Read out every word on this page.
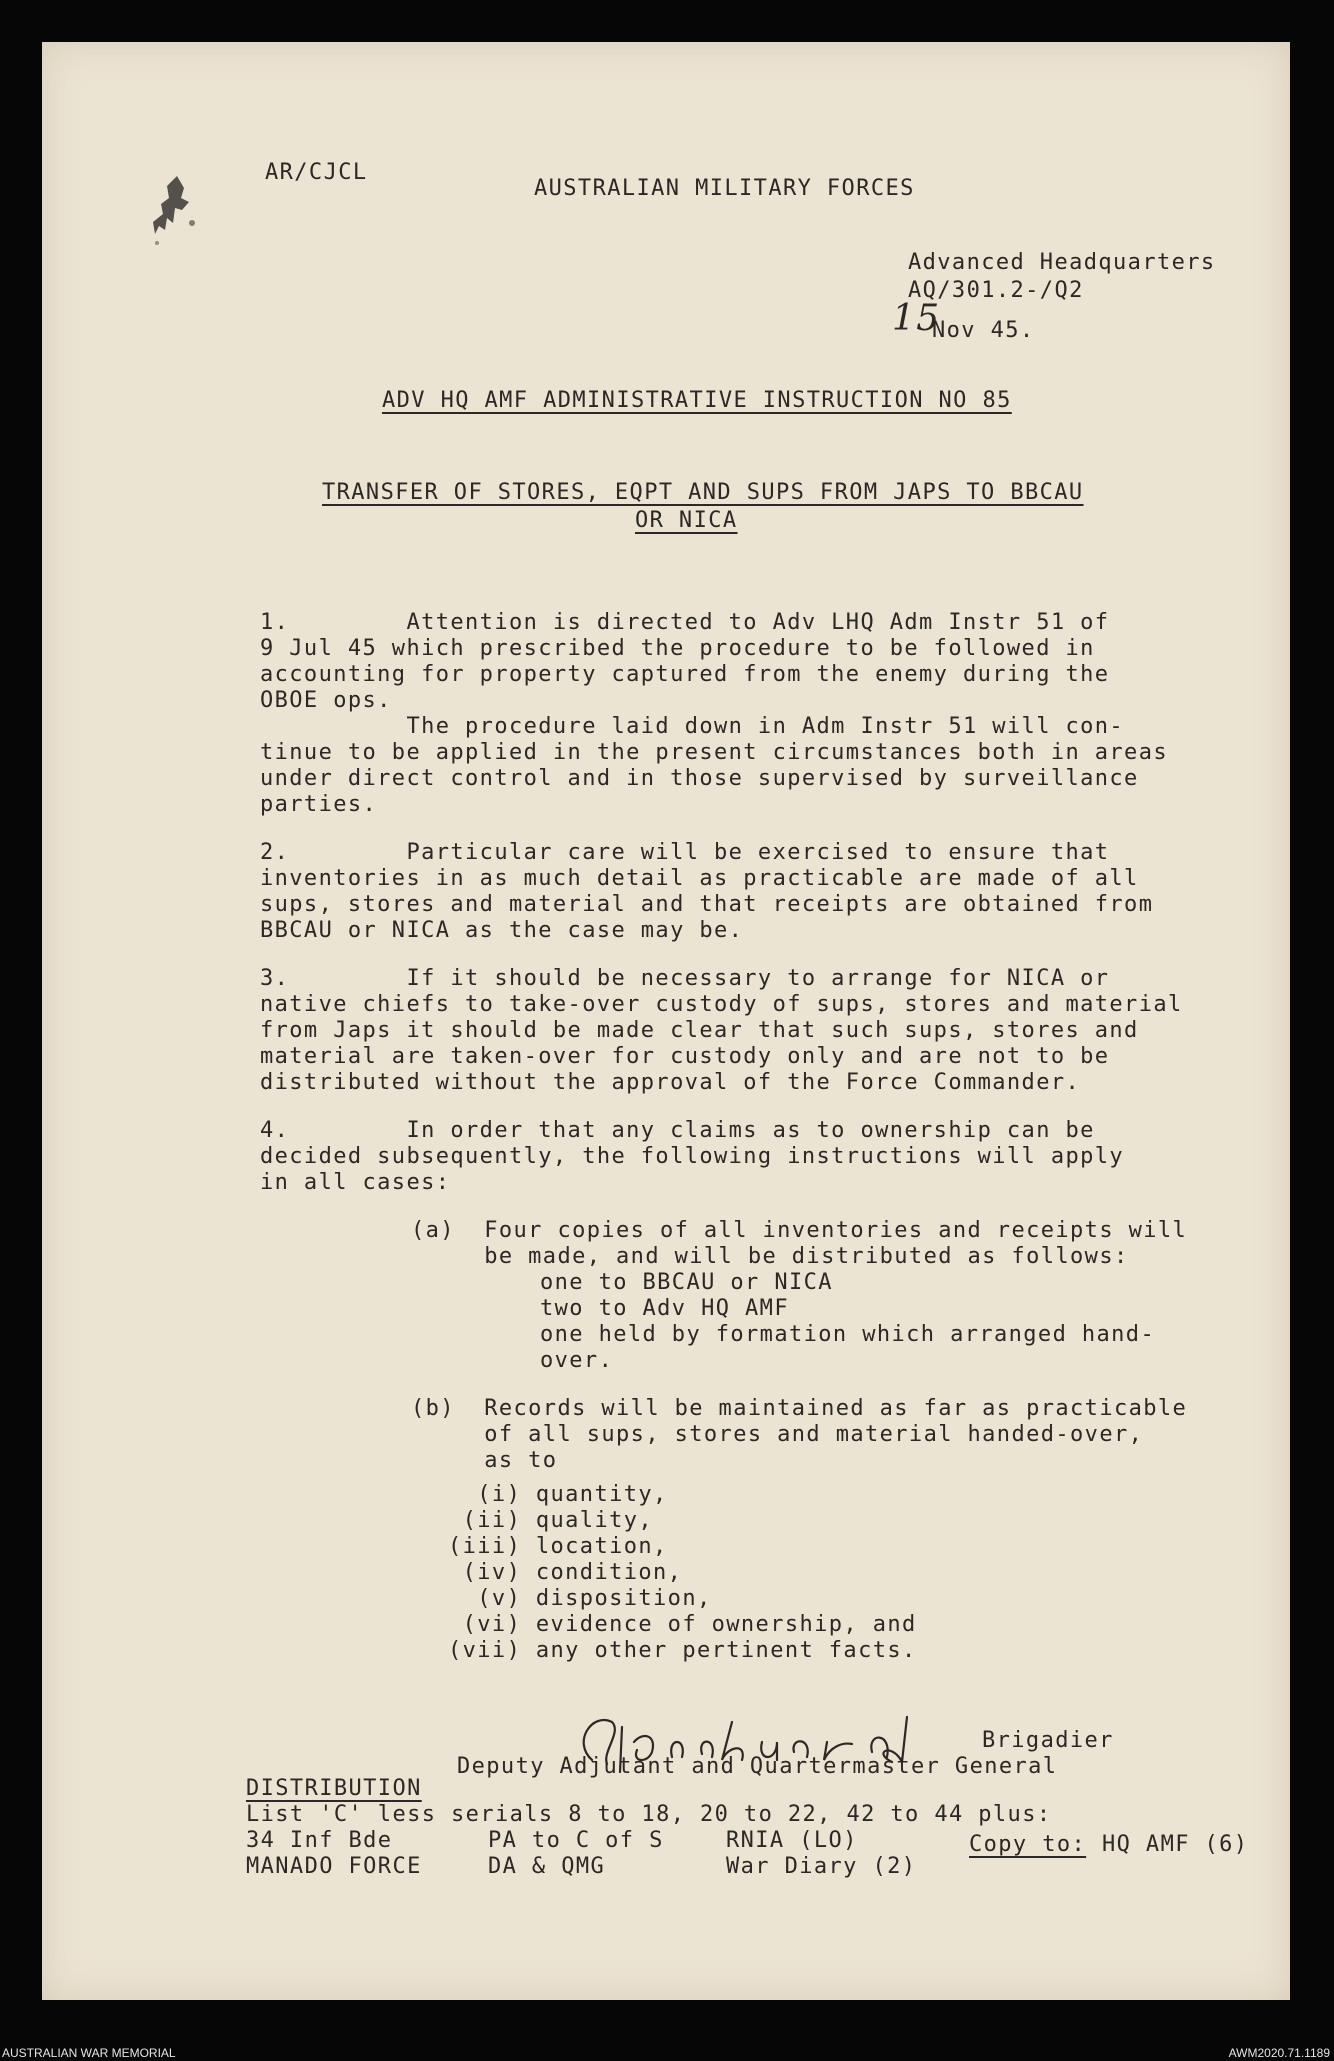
AR/CJCL
AUSTRALIAN MILITARY FORCES
Advanced Headquarters
AQ/301.2-/Q2
15
Nov 45.
ADV HQ AMF ADMINISTRATIVE INSTRUCTION NO 85
TRANSFER OF STORES, EQPT AND SUPS FROM JAPS TO BBCAU
OR NICA
1.        Attention is directed to Adv LHQ Adm Instr 51 of
9 Jul 45 which prescribed the procedure to be followed in
accounting for property captured from the enemy during the
OBOE ops.
The procedure laid down in Adm Instr 51 will con-
tinue to be applied in the present circumstances both in areas
under direct control and in those supervised by surveillance
parties.
2.        Particular care will be exercised to ensure that
inventories in as much detail as practicable are made of all
sups, stores and material and that receipts are obtained from
BBCAU or NICA as the case may be.
3.        If it should be necessary to arrange for NICA or
native chiefs to take-over custody of sups, stores and material
from Japs it should be made clear that such sups, stores and
material are taken-over for custody only and are not to be
distributed without the approval of the Force Commander.
4.        In order that any claims as to ownership can be
decided subsequently, the following instructions will apply
in all cases:
(a)  Four copies of all inventories and receipts will
be made, and will be distributed as follows:
one to BBCAU or NICA
two to Adv HQ AMF
one held by formation which arranged hand-
over.
(b)  Records will be maintained as far as practicable
of all sups, stores and material handed-over,
as to
(i) quantity,
(ii) quality,
(iii) location,
(iv) condition,
(v) disposition,
(vi) evidence of ownership, and
(vii) any other pertinent facts.
Brigadier
Deputy Adjutant and Quartermaster General
DISTRIBUTION
List 'C' less serials 8 to 18, 20 to 22, 42 to 44 plus:
34 Inf Bde
MANADO FORCE
PA to C of S
DA & QMG
RNIA (LO)
War Diary (2)
Copy to: HQ AMF (6)
AUSTRALIAN WAR MEMORIAL	AWM2020.71.1189
